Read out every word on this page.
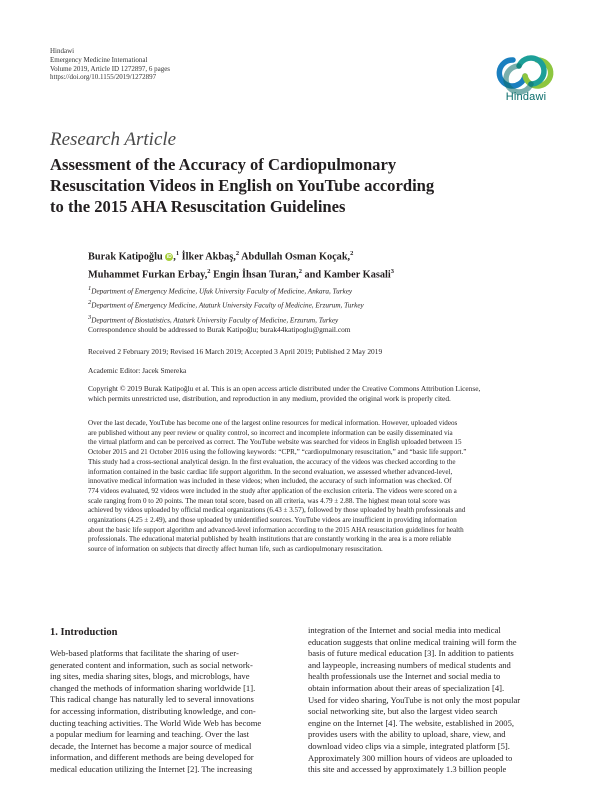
Hindawi
Emergency Medicine International
Volume 2019, Article ID 1272897, 6 pages
https://doi.org/10.1155/2019/1272897
Hindawi
Research Article
Assessment of the Accuracy of Cardiopulmonary
Resuscitation Videos in English on YouTube according
to the 2015 AHA Resuscitation Guidelines
Burak Katipoğlu iD ,$^1$ İlker Akbaş,$^2$ Abdullah Osman Koçak,$^2$
Muhammet Furkan Erbay,$^2$ Engin İhsan Turan,$^2$ and Kamber Kasali$^3$
$^1$Department of Emergency Medicine, Ufuk University Faculty of Medicine, Ankara, Turkey
$^2$Department of Emergency Medicine, Ataturk University Faculty of Medicine, Erzurum, Turkey
$^3$Department of Biostatistics, Ataturk University Faculty of Medicine, Erzurum, Turkey
Correspondence should be addressed to Burak Katipoğlu; burak44katipoglu@gmail.com
Received 2 February 2019; Revised 16 March 2019; Accepted 3 April 2019; Published 2 May 2019
Academic Editor: Jacek Smereka
Copyright © 2019 Burak Katipoğlu et al. This is an open access article distributed under the Creative Commons Attribution License,
which permits unrestricted use, distribution, and reproduction in any medium, provided the original work is properly cited.
Over the last decade, YouTube has become one of the largest online resources for medical information. However, uploaded videos
are published without any peer review or quality control, so incorrect and incomplete information can be easily disseminated via
the virtual platform and can be perceived as correct. The YouTube website was searched for videos in English uploaded between 15
October 2015 and 21 October 2016 using the following keywords: “CPR,” “cardiopulmonary resuscitation,” and “basic life support.”
This study had a cross-sectional analytical design. In the first evaluation, the accuracy of the videos was checked according to the
information contained in the basic cardiac life support algorithm. In the second evaluation, we assessed whether advanced-level,
innovative medical information was included in these videos; when included, the accuracy of such information was checked. Of
774 videos evaluated, 92 videos were included in the study after application of the exclusion criteria. The videos were scored on a
scale ranging from 0 to 20 points. The mean total score, based on all criteria, was 4.79 ± 2.88. The highest mean total score was
achieved by videos uploaded by official medical organizations (6.43 ± 3.57), followed by those uploaded by health professionals and
organizations (4.25 ± 2.49), and those uploaded by unidentified sources. YouTube videos are insufficient in providing information
about the basic life support algorithm and advanced-level information according to the 2015 AHA resuscitation guidelines for health
professionals. The educational material published by health institutions that are constantly working in the area is a more reliable
source of information on subjects that directly affect human life, such as cardiopulmonary resuscitation.
1. Introduction
Web-based platforms that facilitate the sharing of user-
generated content and information, such as social network-
ing sites, media sharing sites, blogs, and microblogs, have
changed the methods of information sharing worldwide [1].
This radical change has naturally led to several innovations
for accessing information, distributing knowledge, and con-
ducting teaching activities. The World Wide Web has become
a popular medium for learning and teaching. Over the last
decade, the Internet has become a major source of medical
information, and different methods are being developed for
medical education utilizing the Internet [2]. The increasing
integration of the Internet and social media into medical
education suggests that online medical training will form the
basis of future medical education [3]. In addition to patients
and laypeople, increasing numbers of medical students and
health professionals use the Internet and social media to
obtain information about their areas of specialization [4].
Used for video sharing, YouTube is not only the most popular
social networking site, but also the largest video search
engine on the Internet [4]. The website, established in 2005,
provides users with the ability to upload, share, view, and
download video clips via a simple, integrated platform [5].
Approximately 300 million hours of videos are uploaded to
this site and accessed by approximately 1.3 billion people
